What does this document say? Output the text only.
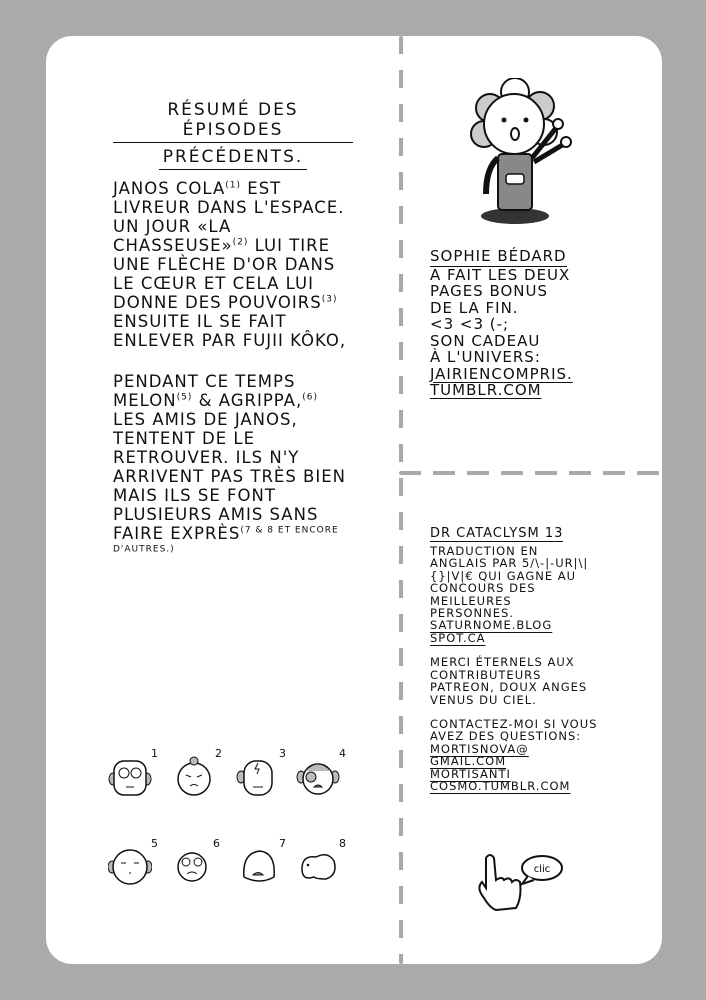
RÉSUMÉ DES ÉPISODES
PRÉCÉDENTS.

JANOS COLA$^{(1)}$ EST LIVREUR DANS L'ESPACE. UN JOUR «LA CHASSEUSE»$^{(2)}$ LUI TIRE UNE FLÈCHE D'OR DANS LE CŒUR ET CELA LUI DONNE DES POUVOIRS$^{(3)}$ ENSUITE IL SE FAIT ENLEVER PAR FUJII KÔKO,

PENDANT CE TEMPS MELON$^{(5)}$ & AGRIPPA,$^{(6)}$ LES AMIS DE JANOS, TENTENT DE LE RETROUVER. ILS N'Y ARRIVENT PAS TRÈS BIEN MAIS ILS SE FONT PLUSIEURS AMIS SANS FAIRE $EXPRÈS^{(7 \& 8 ET ENCORE D'AUTRES.)}$

1	2	3	4
5	6	7	8
SOPHIE BÉDARD
A FAIT LES DEUX
PAGES BONUS
DE LA FIN.
<3 <3 (-;
SON CADEAU
À L'UNIVERS:
JAIRIENCOMPRIS.
TUMBLR.COM
DR CATACLYSM 13

TRADUCTION EN ANGLAIS PAR 5/\-|-UR|\|{}|V|€ QUI GAGNE AU CONCOURS DES MEILLEURES PERSONNES.
SATURNOME.BLOG
SPOT.CA

MERCI ÉTERNELS AUX CONTRIBUTEURS PATREON, DOUX ANGES VENUS DU CIEL.

CONTACTEZ-MOI SI VOUS AVEZ DES QUESTIONS:
MORTISNOVA@
GMAIL.COM
MORTISANTI
COSMO.TUMBLR.COM

clic
